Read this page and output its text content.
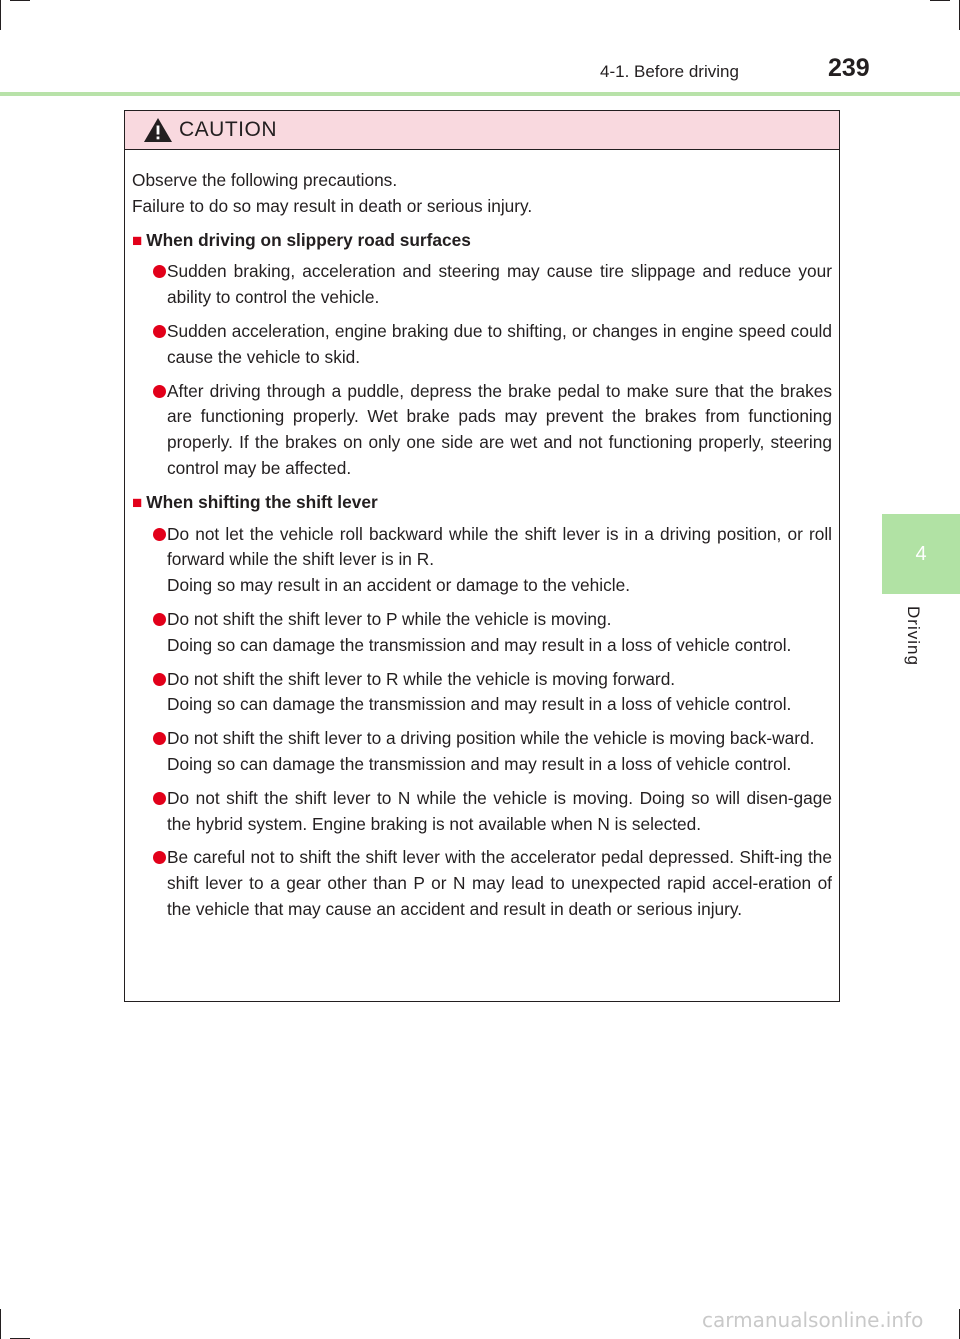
4-1. Before driving	239
4
Driving
CAUTION

Observe the following precautions.
Failure to do so may result in death or serious injury.

■ When driving on slippery road surfaces
Sudden braking, acceleration and steering may cause tire slippage and reduce your ability to control the vehicle.
Sudden acceleration, engine braking due to shifting, or changes in engine speed could cause the vehicle to skid.
After driving through a puddle, depress the brake pedal to make sure that the brakes are functioning properly. Wet brake pads may prevent the brakes from functioning properly. If the brakes on only one side are wet and not functioning properly, steering control may be affected.
■ When shifting the shift lever
Do not let the vehicle roll backward while the shift lever is in a driving position, or roll forward while the shift lever is in R.
Doing so may result in an accident or damage to the vehicle.
Do not shift the shift lever to P while the vehicle is moving.
Doing so can damage the transmission and may result in a loss of vehicle control.
Do not shift the shift lever to R while the vehicle is moving forward.
Doing so can damage the transmission and may result in a loss of vehicle control.
Do not shift the shift lever to a driving position while the vehicle is moving back-ward.
Doing so can damage the transmission and may result in a loss of vehicle control.
Do not shift the shift lever to N while the vehicle is moving. Doing so will disen-gage the hybrid system. Engine braking is not available when N is selected.
Be careful not to shift the shift lever with the accelerator pedal depressed. Shift-ing the shift lever to a gear other than P or N may lead to unexpected rapid accel-eration of the vehicle that may cause an accident and result in death or serious injury.
carmanualsonline.info
